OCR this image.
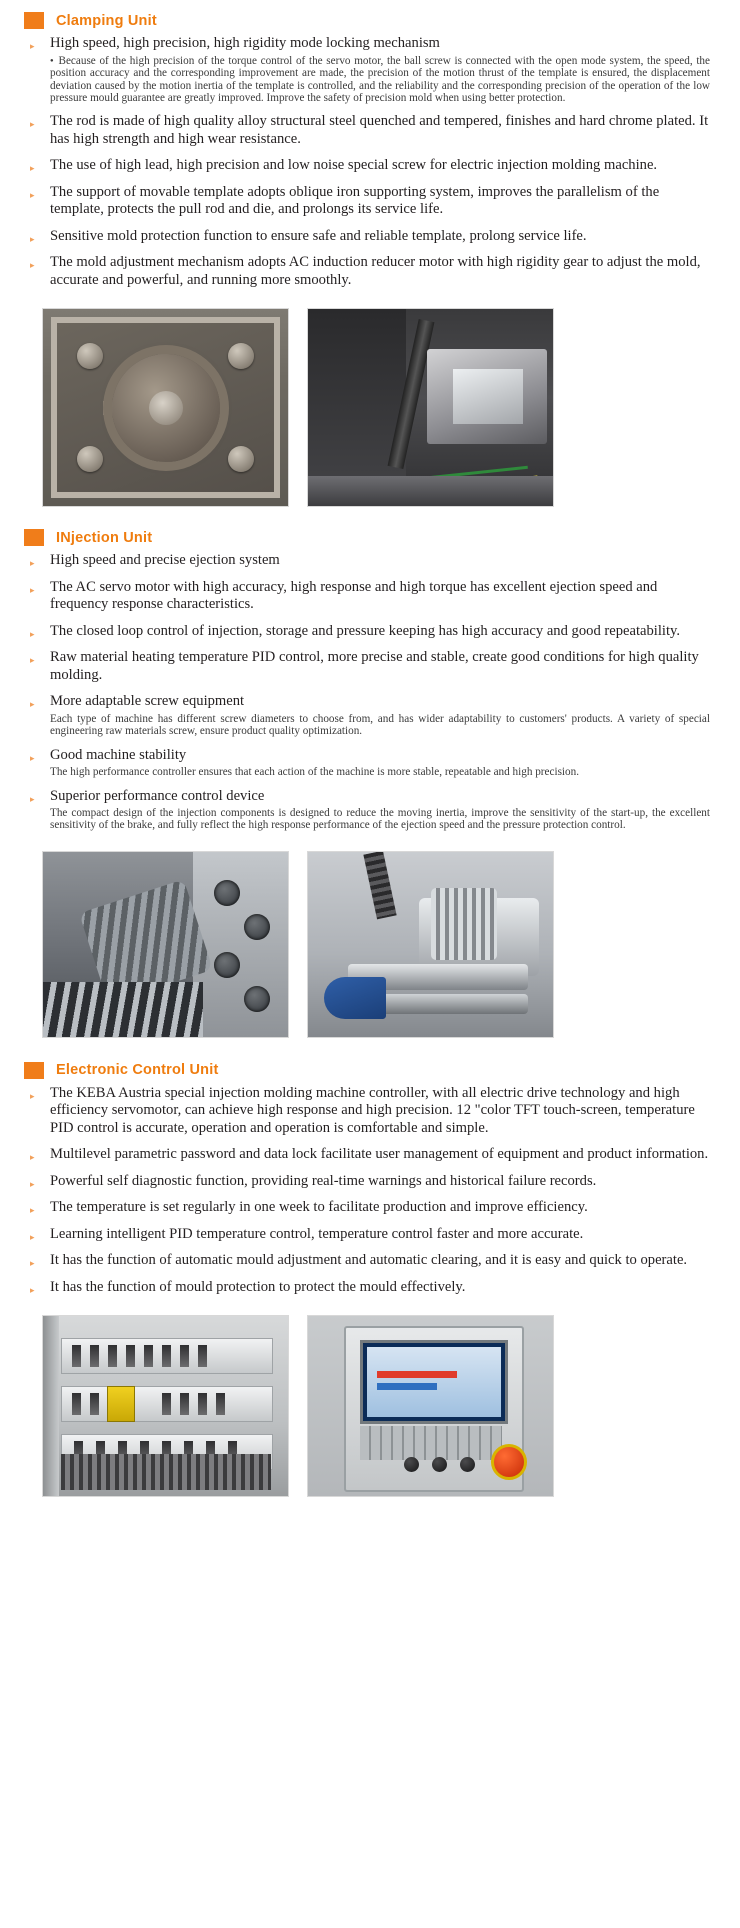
Clamping Unit
▸	High speed, high precision, high rigidity mode locking mechanism
● Because of the high precision of the torque control of the servo motor, the ball screw is connected with the open mode system, the speed, the position accuracy and the corresponding improvement are made, the precision of the motion thrust of the template is ensured, the displacement deviation caused by the motion inertia of the template is controlled, and the reliability and the corresponding precision of the operation of the low pressure mould guarantee are greatly improved. Improve the safety of precision mold when using better protection.
▸	The rod is made of high quality alloy structural steel quenched and tempered, finishes and hard chrome plated. It has high strength and high wear resistance.
▸	The use of high lead, high precision and low noise special screw for electric injection molding machine.
▸	The support of movable template adopts oblique iron supporting system, improves the parallelism of the template, protects the pull rod and die, and prolongs its service life.
▸	Sensitive mold protection function to ensure safe and reliable template, prolong service life.
▸	The mold adjustment mechanism adopts AC induction reducer motor with high rigidity gear to adjust the mold, accurate and powerful, and running more smoothly.
INjection Unit
▸	High speed and precise ejection system
▸	The AC servo motor with high accuracy, high response and high torque has excellent ejection speed and frequency response characteristics.
▸	The closed loop control of injection, storage and pressure keeping has high accuracy and good repeatability.
▸	Raw material heating temperature PID control, more precise and stable, create good conditions for high quality molding.
▸	More adaptable screw equipment
Each type of machine has different screw diameters to choose from, and has wider adaptability to customers' products. A variety of special engineering raw materials screw, ensure product quality optimization.
▸	Good machine stability
The high performance controller ensures that each action of the machine is more stable, repeatable and high precision.
▸	Superior performance control device
The compact design of the injection components is designed to reduce the moving inertia, improve the sensitivity of the start-up, the excellent sensitivity of the brake, and fully reflect the high response performance of the ejection speed and the pressure protection control.
Electronic Control Unit
▸	The KEBA Austria special injection molding machine controller, with all electric drive technology and high efficiency servomotor, can achieve high response and high precision. 12 "color TFT touch-screen, temperature PID control is accurate, operation and operation is comfortable and simple.
▸	Multilevel parametric password and data lock facilitate user management of equipment and product information.
▸	Powerful self diagnostic function, providing real-time warnings and historical failure records.
▸	The temperature is set regularly in one week to facilitate production and improve efficiency.
▸	Learning intelligent PID temperature control, temperature control faster and more accurate.
▸	It has the function of automatic mould adjustment and automatic clearing, and it is easy and quick to operate.
▸	It has the function of mould protection to protect the mould effectively.
